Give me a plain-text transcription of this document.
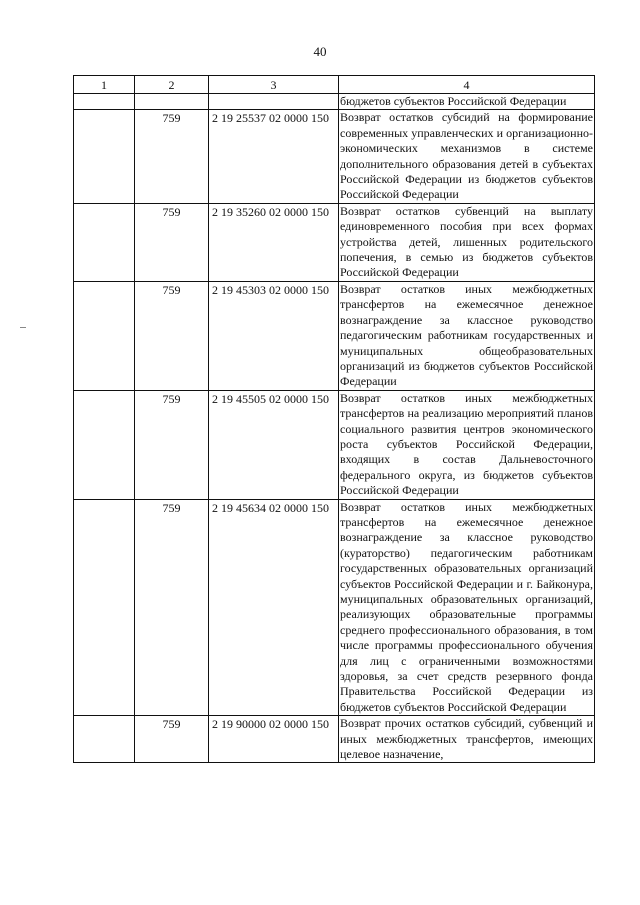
40
1	2	3	4
			бюджетов субъектов Российской Федерации
	759	2 19 25537 02 0000 150	Возврат остатков субсидий на формирование современных управленческих и организационно-экономических механизмов в системе дополнительного образования детей в субъектах Российской Федерации из бюджетов субъектов Российской Федерации
	759	2 19 35260 02 0000 150	Возврат остатков субвенций на выплату единовременного пособия при всех формах устройства детей, лишенных родительского попечения, в семью из бюджетов субъектов Российской Федерации
	759	2 19 45303 02 0000 150	Возврат остатков иных межбюджетных трансфертов на ежемесячное денежное вознаграждение за классное руководство педагогическим работникам государственных и муниципальных общеобразовательных организаций из бюджетов субъектов Российской Федерации
	759	2 19 45505 02 0000 150	Возврат остатков иных межбюджетных трансфертов на реализацию мероприятий планов социального развития центров экономического роста субъектов Российской Федерации, входящих в состав Дальневосточного федерального округа, из бюджетов субъектов Российской Федерации
	759	2 19 45634 02 0000 150	Возврат остатков иных межбюджетных трансфертов на ежемесячное денежное вознаграждение за классное руководство (кураторство) педагогическим работникам государственных образовательных организаций субъектов Российской Федерации и г. Байконура, муниципальных образовательных организаций, реализующих образовательные программы среднего профессионального образования, в том числе программы профессионального обучения для лиц с ограниченными возможностями здоровья, за счет средств резервного фонда Правительства Российской Федерации из бюджетов субъектов Российской Федерации
	759	2 19 90000 02 0000 150	Возврат прочих остатков субсидий, субвенций и иных межбюджетных трансфертов, имеющих целевое назначение,
